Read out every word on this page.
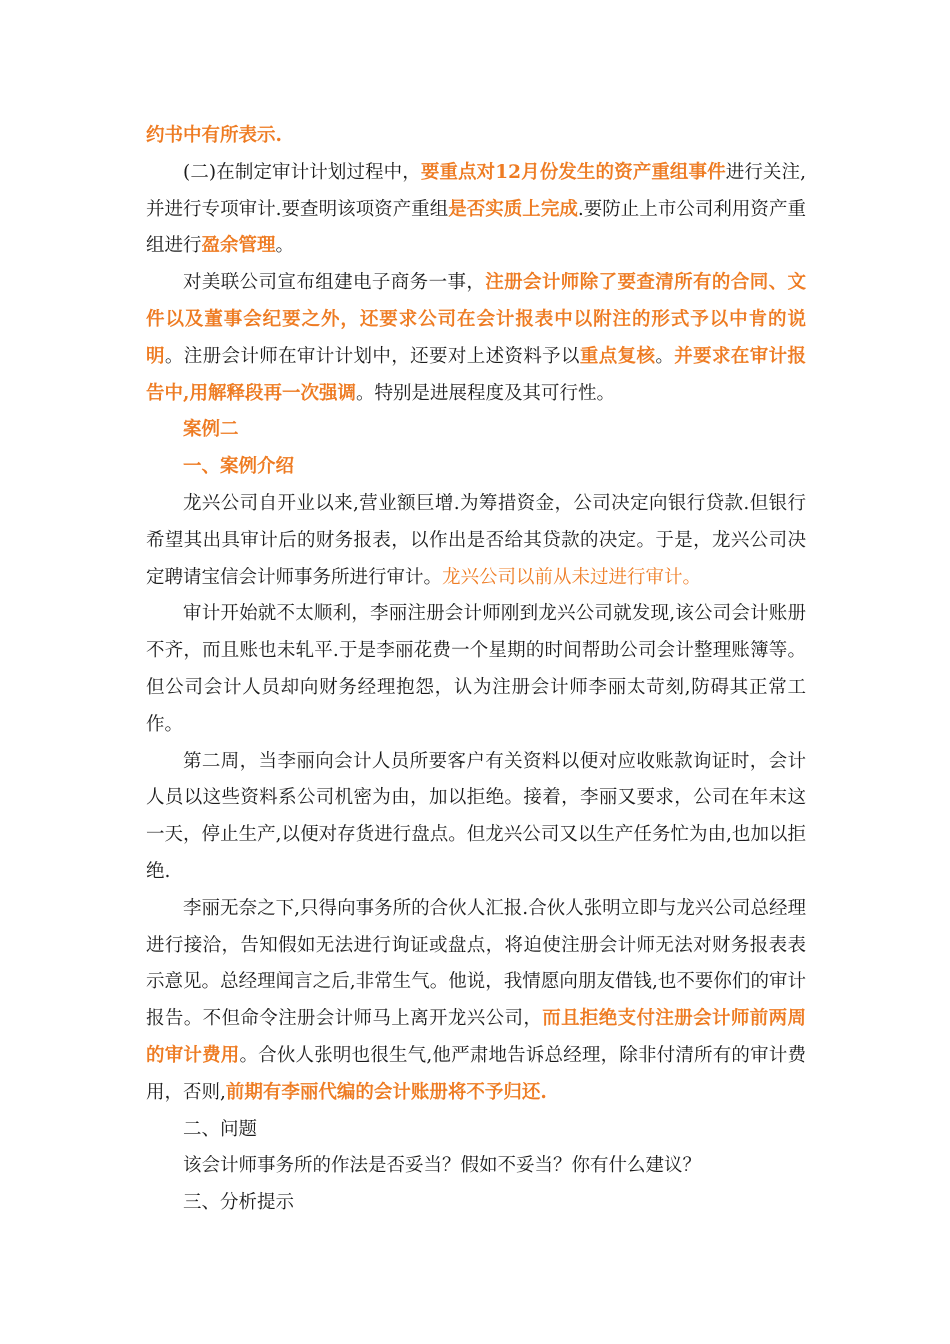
约书中有所表示.

(二)在制定审计计划过程中，要重点对12月份发生的资产重组事件进行关注,并进行专项审计.要查明该项资产重组是否实质上完成.要防止上市公司利用资产重组进行盈余管理。

对美联公司宣布组建电子商务一事，注册会计师除了要查清所有的合同、文件以及董事会纪要之外，还要求公司在会计报表中以附注的形式予以中肯的说明。注册会计师在审计计划中，还要对上述资料予以重点复核。并要求在审计报告中,用解释段再一次强调。特别是进展程度及其可行性。

案例二

一、案例介绍

龙兴公司自开业以来,营业额巨增.为筹措资金，公司决定向银行贷款.但银行希望其出具审计后的财务报表，以作出是否给其贷款的决定。于是，龙兴公司决定聘请宝信会计师事务所进行审计。龙兴公司以前从未过进行审计。

审计开始就不太顺利，李丽注册会计师刚到龙兴公司就发现,该公司会计账册不齐，而且账也未轧平.于是李丽花费一个星期的时间帮助公司会计整理账簿等。但公司会计人员却向财务经理抱怨，认为注册会计师李丽太苛刻,防碍其正常工作。

第二周，当李丽向会计人员所要客户有关资料以便对应收账款询证时，会计人员以这些资料系公司机密为由，加以拒绝。接着，李丽又要求，公司在年末这一天，停止生产,以便对存货进行盘点。但龙兴公司又以生产任务忙为由,也加以拒绝.

李丽无奈之下,只得向事务所的合伙人汇报.合伙人张明立即与龙兴公司总经理进行接洽，告知假如无法进行询证或盘点，将迫使注册会计师无法对财务报表表示意见。总经理闻言之后,非常生气。他说，我情愿向朋友借钱,也不要你们的审计报告。不但命令注册会计师马上离开龙兴公司，而且拒绝支付注册会计师前两周的审计费用。合伙人张明也很生气,他严肃地告诉总经理，除非付清所有的审计费用，否则,前期有李丽代编的会计账册将不予归还.

二、问题

该会计师事务所的作法是否妥当？假如不妥当？你有什么建议？

三、分析提示
